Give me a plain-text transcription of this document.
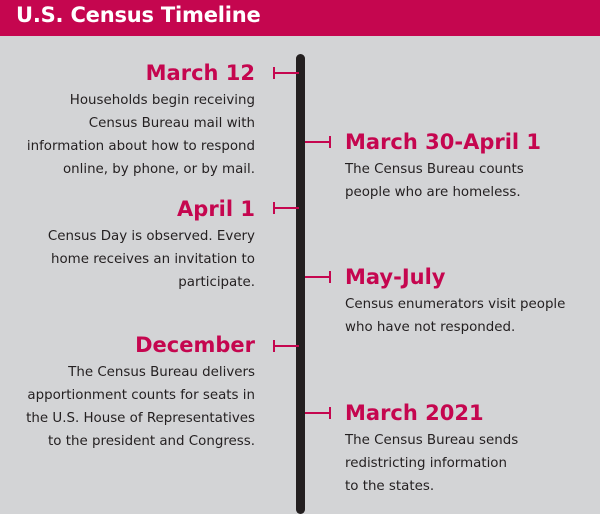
U.S. Census Timeline
March 12
Households begin receiving
Census Bureau mail with
information about how to respond
online, by phone, or by mail.
March 30-April 1
The Census Bureau counts
people who are homeless.
April 1
Census Day is observed. Every
home receives an invitation to
participate.	May-July
Census enumerators visit people
who have not responded.
December
The Census Bureau delivers
apportionment counts for seats in
the U.S. House of Representatives
to the president and Congress.
March 2021
The Census Bureau sends
redistricting information
to the states.
